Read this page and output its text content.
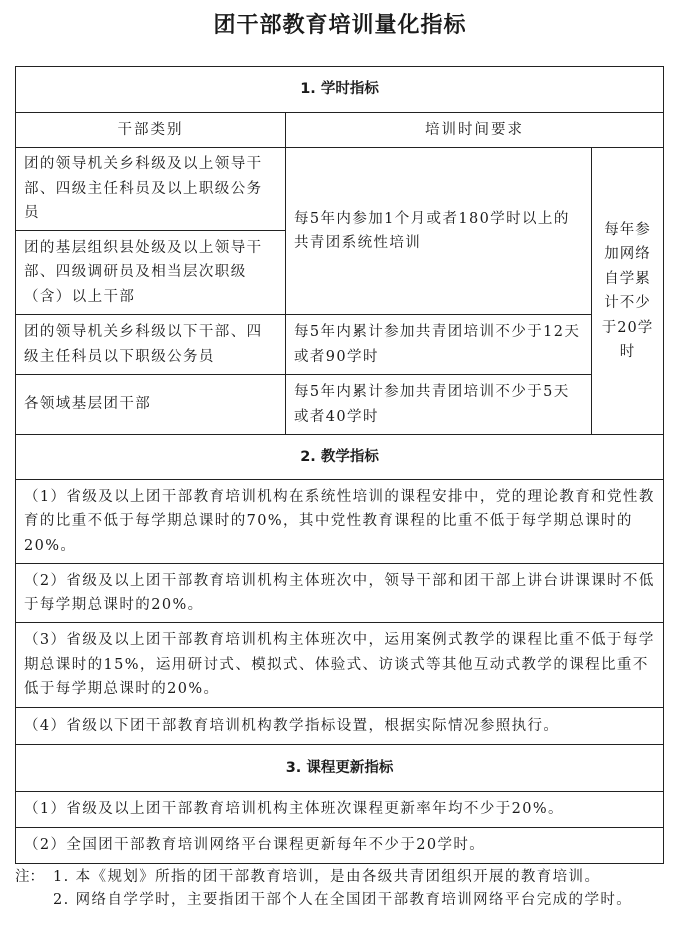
团干部教育培训量化指标
1. 学时指标		
干部类别	培训时间要求	
团的领导机关乡科级及以上领导干部、四级主任科员及以上职级公务员	每5年内参加1个月或者180学时以上的共青团系统性培训	每年参加网络自学累计不少于20学时
团的基层组织县处级及以上领导干部、四级调研员及相当层次职级（含）以上干部		
团的领导机关乡科级以下干部、四级主任科员以下职级公务员	每5年内累计参加共青团培训不少于12天或者90学时	
各领域基层团干部	每5年内累计参加共青团培训不少于5天或者40学时	
2. 教学指标		
（1）省级及以上团干部教育培训机构在系统性培训的课程安排中，党的理论教育和党性教育的比重不低于每学期总课时的70%，其中党性教育课程的比重不低于每学期总课时的20%。		
（2）省级及以上团干部教育培训机构主体班次中，领导干部和团干部上讲台讲课课时不低于每学期总课时的20%。		
（3）省级及以上团干部教育培训机构主体班次中，运用案例式教学的课程比重不低于每学期总课时的15%，运用研讨式、模拟式、体验式、访谈式等其他互动式教学的课程比重不低于每学期总课时的20%。		
（4）省级以下团干部教育培训机构教学指标设置，根据实际情况参照执行。		
3. 课程更新指标		
（1）省级及以上团干部教育培训机构主体班次课程更新率年均不少于20%。		
（2）全国团干部教育培训网络平台课程更新每年不少于20学时。		
注： 1. 本《规划》所指的团干部教育培训，是由各级共青团组织开展的教育培训。
2. 网络自学学时，主要指团干部个人在全国团干部教育培训网络平台完成的学时。
